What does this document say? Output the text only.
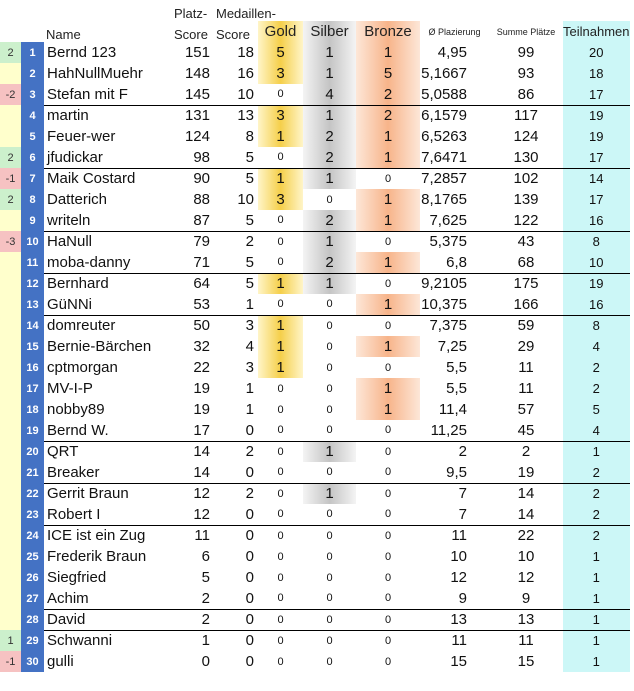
			Platz-	Medaillen-						
		Name	Score	Score	Gold	Silber	Bronze	Ø Plazierung	Summe Plätze	Teilnahmen
2	1	Bernd 123	151	18	5	1	1	4,95	99	20
	2	HahNullMuehr	148	16	3	1	5	5,1667	93	18
-2	3	Stefan mit F	145	10	0	4	2	5,0588	86	17
	4	martin	131	13	3	1	2	6,1579	117	19
	5	Feuer-wer	124	8	1	2	1	6,5263	124	19
2	6	jfudickar	98	5	0	2	1	7,6471	130	17
-1	7	Maik Costard	90	5	1	1	0	7,2857	102	14
2	8	Datterich	88	10	3	0	1	8,1765	139	17
	9	writeln	87	5	0	2	1	7,625	122	16
-3	10	HaNull	79	2	0	1	0	5,375	43	8
	11	moba-danny	71	5	0	2	1	6,8	68	10
	12	Bernhard	64	5	1	1	0	9,2105	175	19
	13	GüNNi	53	1	0	0	1	10,375	166	16
	14	domreuter	50	3	1	0	0	7,375	59	8
	15	Bernie-Bärchen	32	4	1	0	1	7,25	29	4
	16	cptmorgan	22	3	1	0	0	5,5	11	2
	17	MV-I-P	19	1	0	0	1	5,5	11	2
	18	nobby89	19	1	0	0	1	11,4	57	5
	19	Bernd W.	17	0	0	0	0	11,25	45	4
	20	QRT	14	2	0	1	0	2	2	1
	21	Breaker	14	0	0	0	0	9,5	19	2
	22	Gerrit Braun	12	2	0	1	0	7	14	2
	23	Robert I	12	0	0	0	0	7	14	2
	24	ICE ist ein Zug	11	0	0	0	0	11	22	2
	25	Frederik Braun	6	0	0	0	0	10	10	1
	26	Siegfried	5	0	0	0	0	12	12	1
	27	Achim	2	0	0	0	0	9	9	1
	28	David	2	0	0	0	0	13	13	1
1	29	Schwanni	1	0	0	0	0	11	11	1
-1	30	gulli	0	0	0	0	0	15	15	1
